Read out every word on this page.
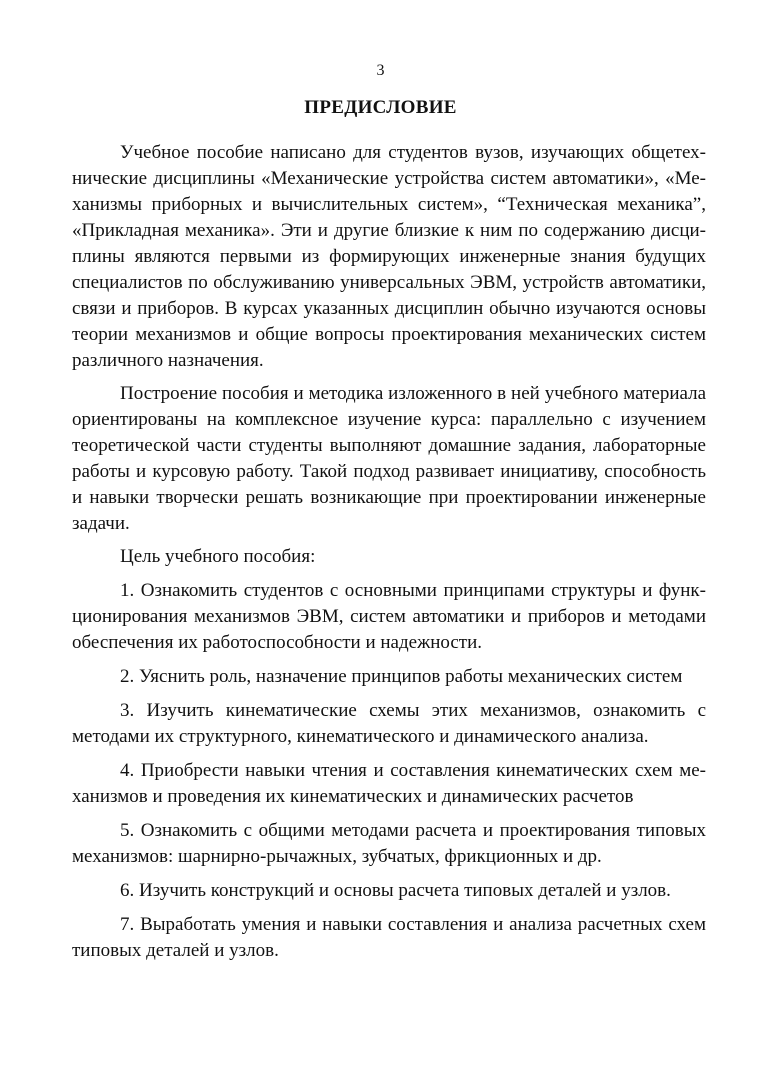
3
ПРЕДИСЛОВИЕ

Учебное пособие написано для студентов вузов, изучающих общетехнические дисциплины «Механические устройства систем автоматики», «Механизмы приборных и вычислительных систем», “Техническая механика”, «Прикладная механика». Эти и другие близкие к ним по содержанию дисциплины являются первыми из формирующих инженерные знания будущих специалистов по обслуживанию универсальных ЭВМ, устройств автоматики, связи и приборов. В курсах указанных дисциплин обычно изучаются основы теории механизмов и общие вопросы проектирования механических систем различного назначения.

Построение пособия и методика изложенного в ней учебного материала ориентированы на комплексное изучение курса: параллельно с изучением теоретической части студенты выполняют домашние задания, лабораторные работы и курсовую работу. Такой подход развивает инициативу, способность и навыки творчески решать возникающие при проектировании инженерные задачи.

Цель учебного пособия:

1. Ознакомить студентов с основными принципами структуры и функционирования механизмов ЭВМ, систем автоматики и приборов и методами обеспечения их работоспособности и надежности.

2. Уяснить роль, назначение принципов работы механических систем

3. Изучить кинематические схемы этих механизмов, ознакомить с методами их структурного, кинематического и динамического анализа.

4. Приобрести навыки чтения и составления кинематических схем механизмов и проведения их кинематических и динамических расчетов

5. Ознакомить с общими методами расчета и проектирования типовых механизмов: шарнирно-рычажных, зубчатых, фрикционных и др.

6. Изучить конструкций и основы расчета типовых деталей и узлов.

7. Выработать умения и навыки составления и анализа расчетных схем типовых деталей и узлов.
